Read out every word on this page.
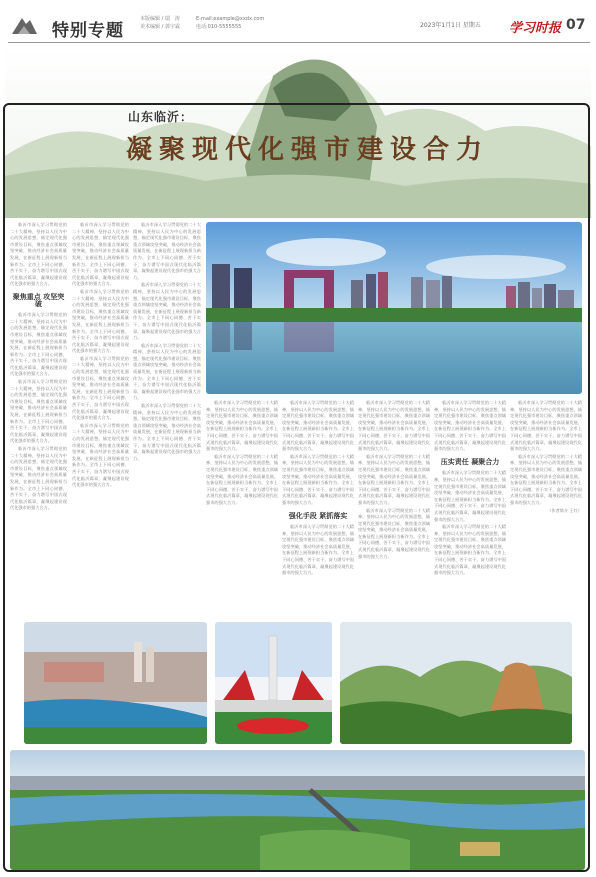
特别专题
本版编辑 / 瑞　涛
美术编辑 / 郭宇霖
E-mail:example@xxdx.com
电话:010-5555555	2023年1月1日 星期五 学习时报 07
山东临沂：
凝聚现代化强市建设合力

临沂市深入学习贯彻党的二十大精神，坚持以人民为中心的发展思想，锚定现代化强市建设目标，聚焦重点领域攻坚突破，推动经济社会高质量发展，在新征程上展现新担当新作为。全市上下同心同德、苦干实干，奋力谱写中国式现代化临沂篇章，凝聚起建设现代化强市的强大合力。

聚焦重点 攻坚突破

临沂市深入学习贯彻党的二十大精神，坚持以人民为中心的发展思想，锚定现代化强市建设目标，聚焦重点领域攻坚突破，推动经济社会高质量发展，在新征程上展现新担当新作为。全市上下同心同德、苦干实干，奋力谱写中国式现代化临沂篇章，凝聚起建设现代化强市的强大合力。

临沂市深入学习贯彻党的二十大精神，坚持以人民为中心的发展思想，锚定现代化强市建设目标，聚焦重点领域攻坚突破，推动经济社会高质量发展，在新征程上展现新担当新作为。全市上下同心同德、苦干实干，奋力谱写中国式现代化临沂篇章，凝聚起建设现代化强市的强大合力。

临沂市深入学习贯彻党的二十大精神，坚持以人民为中心的发展思想，锚定现代化强市建设目标，聚焦重点领域攻坚突破，推动经济社会高质量发展，在新征程上展现新担当新作为。全市上下同心同德、苦干实干，奋力谱写中国式现代化临沂篇章，凝聚起建设现代化强市的强大合力。

临沂市深入学习贯彻党的二十大精神，坚持以人民为中心的发展思想，锚定现代化强市建设目标，聚焦重点领域攻坚突破，推动经济社会高质量发展，在新征程上展现新担当新作为。全市上下同心同德、苦干实干，奋力谱写中国式现代化临沂篇章，凝聚起建设现代化强市的强大合力。

临沂市深入学习贯彻党的二十大精神，坚持以人民为中心的发展思想，锚定现代化强市建设目标，聚焦重点领域攻坚突破，推动经济社会高质量发展，在新征程上展现新担当新作为。全市上下同心同德、苦干实干，奋力谱写中国式现代化临沂篇章，凝聚起建设现代化强市的强大合力。

临沂市深入学习贯彻党的二十大精神，坚持以人民为中心的发展思想，锚定现代化强市建设目标，聚焦重点领域攻坚突破，推动经济社会高质量发展，在新征程上展现新担当新作为。全市上下同心同德、苦干实干，奋力谱写中国式现代化临沂篇章，凝聚起建设现代化强市的强大合力。

临沂市深入学习贯彻党的二十大精神，坚持以人民为中心的发展思想，锚定现代化强市建设目标，聚焦重点领域攻坚突破，推动经济社会高质量发展，在新征程上展现新担当新作为。全市上下同心同德、苦干实干，奋力谱写中国式现代化临沂篇章，凝聚起建设现代化强市的强大合力。

临沂市深入学习贯彻党的二十大精神，坚持以人民为中心的发展思想，锚定现代化强市建设目标，聚焦重点领域攻坚突破，推动经济社会高质量发展，在新征程上展现新担当新作为。全市上下同心同德、苦干实干，奋力谱写中国式现代化临沂篇章，凝聚起建设现代化强市的强大合力。

临沂市深入学习贯彻党的二十大精神，坚持以人民为中心的发展思想，锚定现代化强市建设目标，聚焦重点领域攻坚突破，推动经济社会高质量发展，在新征程上展现新担当新作为。全市上下同心同德、苦干实干，奋力谱写中国式现代化临沂篇章，凝聚起建设现代化强市的强大合力。

临沂市深入学习贯彻党的二十大精神，坚持以人民为中心的发展思想，锚定现代化强市建设目标，聚焦重点领域攻坚突破，推动经济社会高质量发展，在新征程上展现新担当新作为。全市上下同心同德、苦干实干，奋力谱写中国式现代化临沂篇章，凝聚起建设现代化强市的强大合力。

临沂市深入学习贯彻党的二十大精神，坚持以人民为中心的发展思想，锚定现代化强市建设目标，聚焦重点领域攻坚突破，推动经济社会高质量发展，在新征程上展现新担当新作为。全市上下同心同德、苦干实干，奋力谱写中国式现代化临沂篇章，凝聚起建设现代化强市的强大合力。

临沂市深入学习贯彻党的二十大精神，坚持以人民为中心的发展思想，锚定现代化强市建设目标，聚焦重点领域攻坚突破，推动经济社会高质量发展，在新征程上展现新担当新作为。全市上下同心同德、苦干实干，奋力谱写中国式现代化临沂篇章，凝聚起建设现代化强市的强大合力。

临沂市深入学习贯彻党的二十大精神，坚持以人民为中心的发展思想，锚定现代化强市建设目标，聚焦重点领域攻坚突破，推动经济社会高质量发展，在新征程上展现新担当新作为。全市上下同心同德、苦干实干，奋力谱写中国式现代化临沂篇章，凝聚起建设现代化强市的强大合力。

临沂市深入学习贯彻党的二十大精神，坚持以人民为中心的发展思想，锚定现代化强市建设目标，聚焦重点领域攻坚突破，推动经济社会高质量发展，在新征程上展现新担当新作为。全市上下同心同德、苦干实干，奋力谱写中国式现代化临沂篇章，凝聚起建设现代化强市的强大合力。

临沂市深入学习贯彻党的二十大精神，坚持以人民为中心的发展思想，锚定现代化强市建设目标，聚焦重点领域攻坚突破，推动经济社会高质量发展，在新征程上展现新担当新作为。全市上下同心同德、苦干实干，奋力谱写中国式现代化临沂篇章，凝聚起建设现代化强市的强大合力。

强化手段 紧抓落实

临沂市深入学习贯彻党的二十大精神，坚持以人民为中心的发展思想，锚定现代化强市建设目标，聚焦重点领域攻坚突破，推动经济社会高质量发展，在新征程上展现新担当新作为。全市上下同心同德、苦干实干，奋力谱写中国式现代化临沂篇章，凝聚起建设现代化强市的强大合力。

临沂市深入学习贯彻党的二十大精神，坚持以人民为中心的发展思想，锚定现代化强市建设目标，聚焦重点领域攻坚突破，推动经济社会高质量发展，在新征程上展现新担当新作为。全市上下同心同德、苦干实干，奋力谱写中国式现代化临沂篇章，凝聚起建设现代化强市的强大合力。

临沂市深入学习贯彻党的二十大精神，坚持以人民为中心的发展思想，锚定现代化强市建设目标，聚焦重点领域攻坚突破，推动经济社会高质量发展，在新征程上展现新担当新作为。全市上下同心同德、苦干实干，奋力谱写中国式现代化临沂篇章，凝聚起建设现代化强市的强大合力。

临沂市深入学习贯彻党的二十大精神，坚持以人民为中心的发展思想，锚定现代化强市建设目标，聚焦重点领域攻坚突破，推动经济社会高质量发展，在新征程上展现新担当新作为。全市上下同心同德、苦干实干，奋力谱写中国式现代化临沂篇章，凝聚起建设现代化强市的强大合力。

临沂市深入学习贯彻党的二十大精神，坚持以人民为中心的发展思想，锚定现代化强市建设目标，聚焦重点领域攻坚突破，推动经济社会高质量发展，在新征程上展现新担当新作为。全市上下同心同德、苦干实干，奋力谱写中国式现代化临沂篇章，凝聚起建设现代化强市的强大合力。

压实责任 凝聚合力

临沂市深入学习贯彻党的二十大精神，坚持以人民为中心的发展思想，锚定现代化强市建设目标，聚焦重点领域攻坚突破，推动经济社会高质量发展，在新征程上展现新担当新作为。全市上下同心同德、苦干实干，奋力谱写中国式现代化临沂篇章，凝聚起建设现代化强市的强大合力。

临沂市深入学习贯彻党的二十大精神，坚持以人民为中心的发展思想，锚定现代化强市建设目标，聚焦重点领域攻坚突破，推动经济社会高质量发展，在新征程上展现新担当新作为。全市上下同心同德、苦干实干，奋力谱写中国式现代化临沂篇章，凝聚起建设现代化强市的强大合力。

临沂市深入学习贯彻党的二十大精神，坚持以人民为中心的发展思想，锚定现代化强市建设目标，聚焦重点领域攻坚突破，推动经济社会高质量发展，在新征程上展现新担当新作为。全市上下同心同德、苦干实干，奋力谱写中国式现代化临沂篇章，凝聚起建设现代化强市的强大合力。

临沂市深入学习贯彻党的二十大精神，坚持以人民为中心的发展思想，锚定现代化强市建设目标，聚焦重点领域攻坚突破，推动经济社会高质量发展，在新征程上展现新担当新作为。全市上下同心同德、苦干实干，奋力谱写中国式现代化临沂篇章，凝聚起建设现代化强市的强大合力。

（作者简介 王红）
